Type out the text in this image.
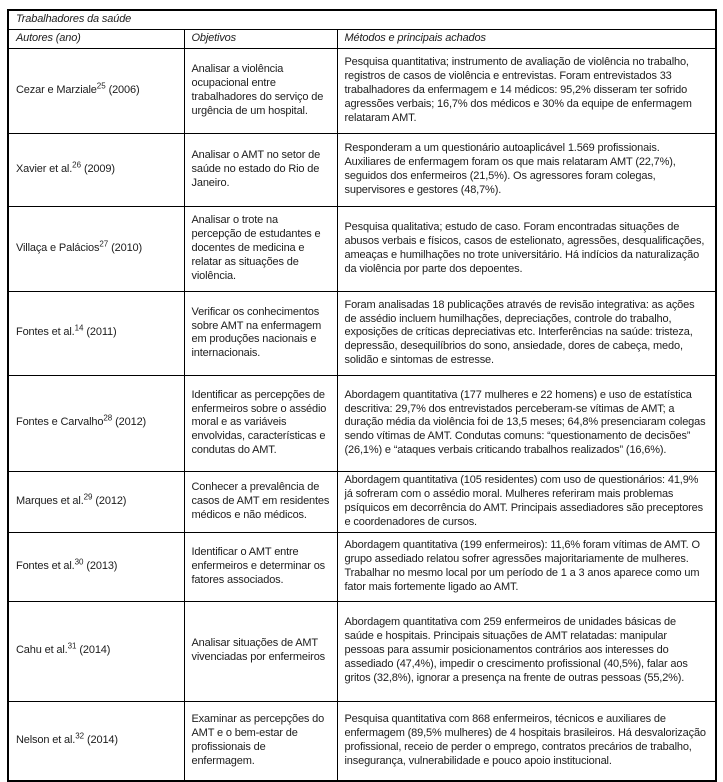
Trabalhadores da saúde		
Autores (ano)	Objetivos	Métodos e principais achados
Cezar e Marziale$^{25}$ (2006)	Analisar a violência ocupacional entre trabalhadores do serviço de urgência de um hospital.	Pesquisa quantitativa; instrumento de avaliação de violência no trabalho, registros de casos de violência e entrevistas. Foram entrevistados 33 trabalhadores da enfermagem e 14 médicos: 95,2% disseram ter sofrido agressões verbais; 16,7% dos médicos e 30% da equipe de enfermagem relataram AMT.
Xavier et al.$^{26}$ (2009)	Analisar o AMT no setor de saúde no estado do Rio de Janeiro.	Responderam a um questionário autoaplicável 1.569 profissionais. Auxiliares de enfermagem foram os que mais relataram AMT (22,7%), seguidos dos enfermeiros (21,5%). Os agressores foram colegas, supervisores e gestores (48,7%).
Villaça e Palácios$^{27}$ (2010)	Analisar o trote na percepção de estudantes e docentes de medicina e relatar as situações de violência.	Pesquisa qualitativa; estudo de caso. Foram encontradas situações de abusos verbais e físicos, casos de estelionato, agressões, desqualificações, ameaças e humilhações no trote universitário. Há indícios da naturalização da violência por parte dos depoentes.
Fontes et al.$^{14}$ (2011)	Verificar os conhecimentos sobre AMT na enfermagem em produções nacionais e internacionais.	Foram analisadas 18 publicações através de revisão integrativa: as ações de assédio incluem humilhações, depreciações, controle do trabalho, exposições de críticas depreciativas etc. Interferências na saúde: tristeza, depressão, desequilíbrios do sono, ansiedade, dores de cabeça, medo, solidão e sintomas de estresse.
Fontes e Carvalho$^{28}$ (2012)	Identificar as percepções de enfermeiros sobre o assédio moral e as variáveis envolvidas, características e condutas do AMT.	Abordagem quantitativa (177 mulheres e 22 homens) e uso de estatística descritiva: 29,7% dos entrevistados perceberam-se vítimas de AMT; a duração média da violência foi de 13,5 meses; 64,8% presenciaram colegas sendo vítimas de AMT. Condutas comuns: “questionamento de decisões” (26,1%) e “ataques verbais criticando trabalhos realizados” (16,6%).
Marques et al.$^{29}$ (2012)	Conhecer a prevalência de casos de AMT em residentes médicos e não médicos.	Abordagem quantitativa (105 residentes) com uso de questionários: 41,9% já sofreram com o assédio moral. Mulheres referiram mais problemas psíquicos em decorrência do AMT. Principais assediadores são preceptores e coordenadores de cursos.
Fontes et al.$^{30}$ (2013)	Identificar o AMT entre enfermeiros e determinar os fatores associados.	Abordagem quantitativa (199 enfermeiros): 11,6% foram vítimas de AMT. O grupo assediado relatou sofrer agressões majoritariamente de mulheres. Trabalhar no mesmo local por um período de 1 a 3 anos aparece como um fator mais fortemente ligado ao AMT.
Cahu et al.$^{31}$ (2014)	Analisar situações de AMT vivenciadas por enfermeiros	Abordagem quantitativa com 259 enfermeiros de unidades básicas de saúde e hospitais. Principais situações de AMT relatadas: manipular pessoas para assumir posicionamentos contrários aos interesses do assediado (47,4%), impedir o crescimento profissional (40,5%), falar aos gritos (32,8%), ignorar a presença na frente de outras pessoas (55,2%).
Nelson et al.$^{32}$ (2014)	Examinar as percepções do AMT e o bem-estar de profissionais de enfermagem.	Pesquisa quantitativa com 868 enfermeiros, técnicos e auxiliares de enfermagem (89,5% mulheres) de 4 hospitais brasileiros. Há desvalorização profissional, receio de perder o emprego, contratos precários de trabalho, insegurança, vulnerabilidade e pouco apoio institucional.
